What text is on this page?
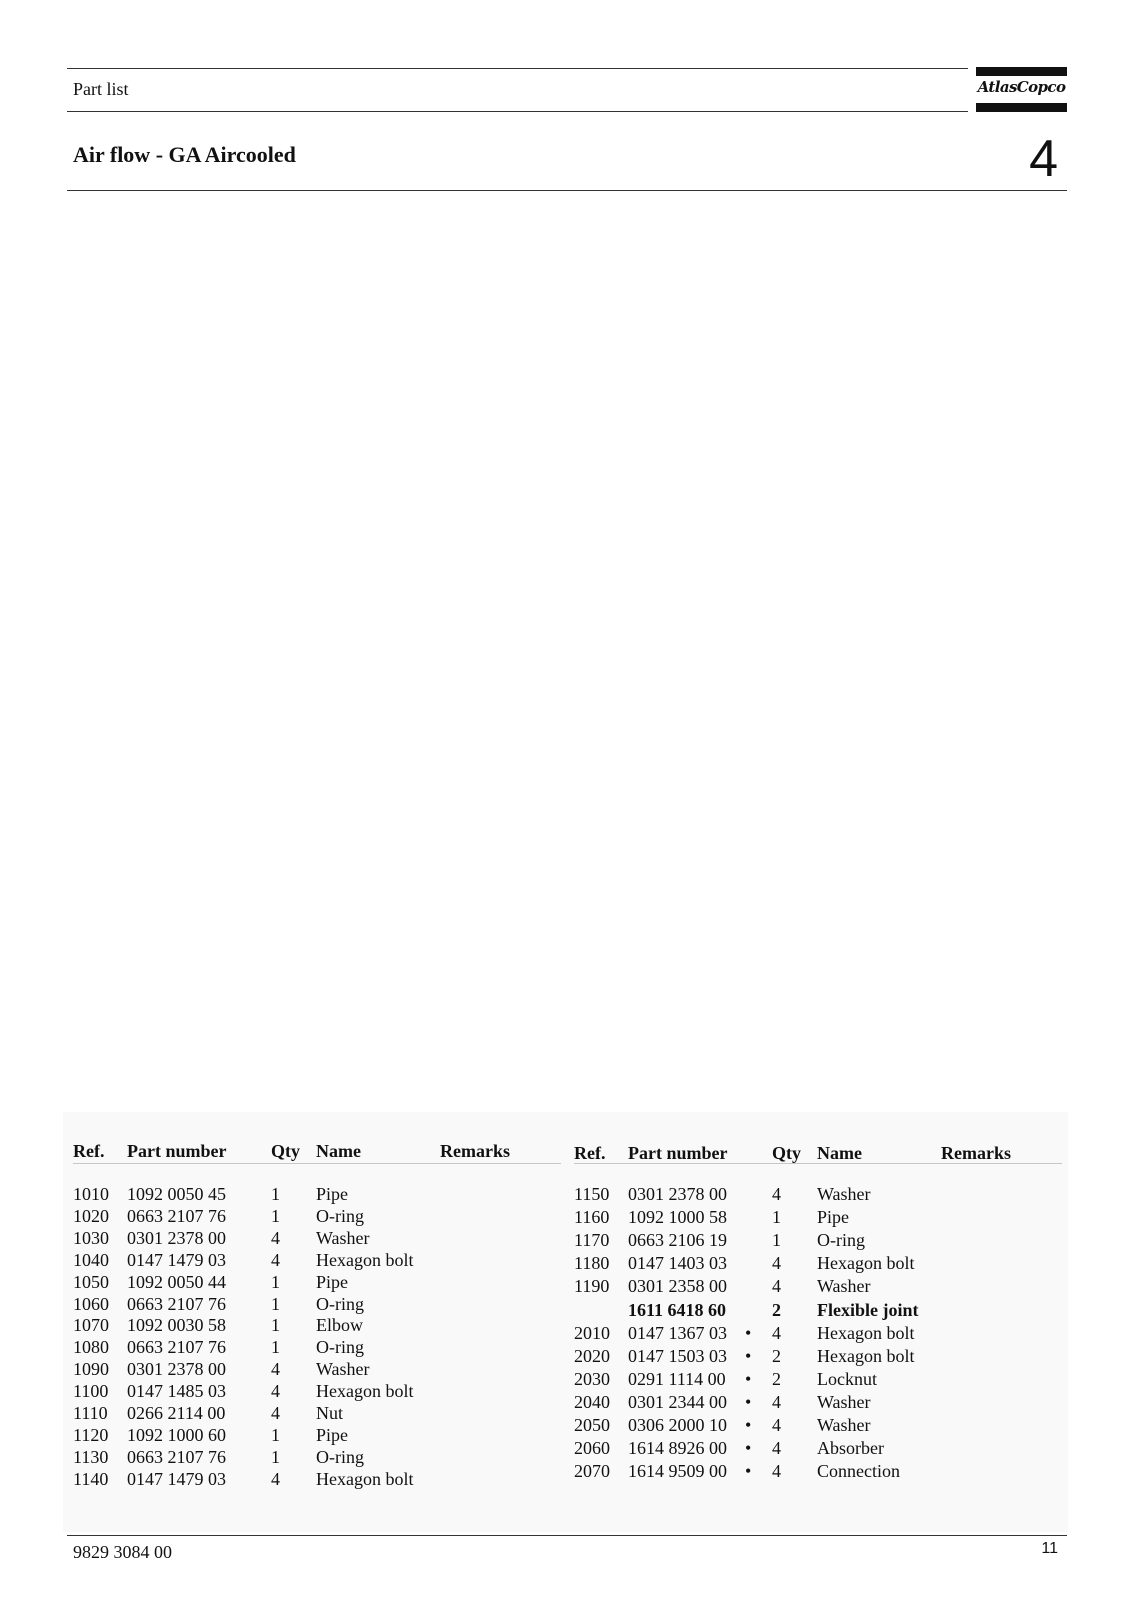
Part list	AtlasCopco
Air flow - GA Aircooled	4
Ref. Part number Qty Name	Remarks
1010 1092 0050 45	1 Pipe
1020 0663 2107 76	1 O-ring
1030 0301 2378 00	4 Washer
1040 0147 1479 03	4 Hexagon bolt
1050 1092 0050 44	1 Pipe
1060 0663 2107 76	1 O-ring
1070 1092 0030 58	1 Elbow
1080 0663 2107 76	1 O-ring
1090 0301 2378 00	4 Washer
1100 0147 1485 03	4 Hexagon bolt
1110 0266 2114 00	4 Nut
1120 1092 1000 60	1 Pipe
1130 0663 2107 76	1 O-ring
1140 0147 1479 03	4 Hexagon bolt
Ref. Part number Qty Name	Remarks
1150 0301 2378 00	4 Washer
1160 1092 1000 58	1 Pipe
1170 0663 2106 19	1 O-ring
1180 0147 1403 03	4 Hexagon bolt
1190 0301 2358 00	4 Washer
1611 6418 60	2 Flexible joint
2010 0147 1367 03 • 4 Hexagon bolt
2020 0147 1503 03 • 2 Hexagon bolt
2030 0291 1114 00 • 2 Locknut
2040 0301 2344 00 • 4 Washer
2050 0306 2000 10 • 4 Washer
2060 1614 8926 00 • 4 Absorber
2070 1614 9509 00 • 4 Connection
9829 3084 00	11
